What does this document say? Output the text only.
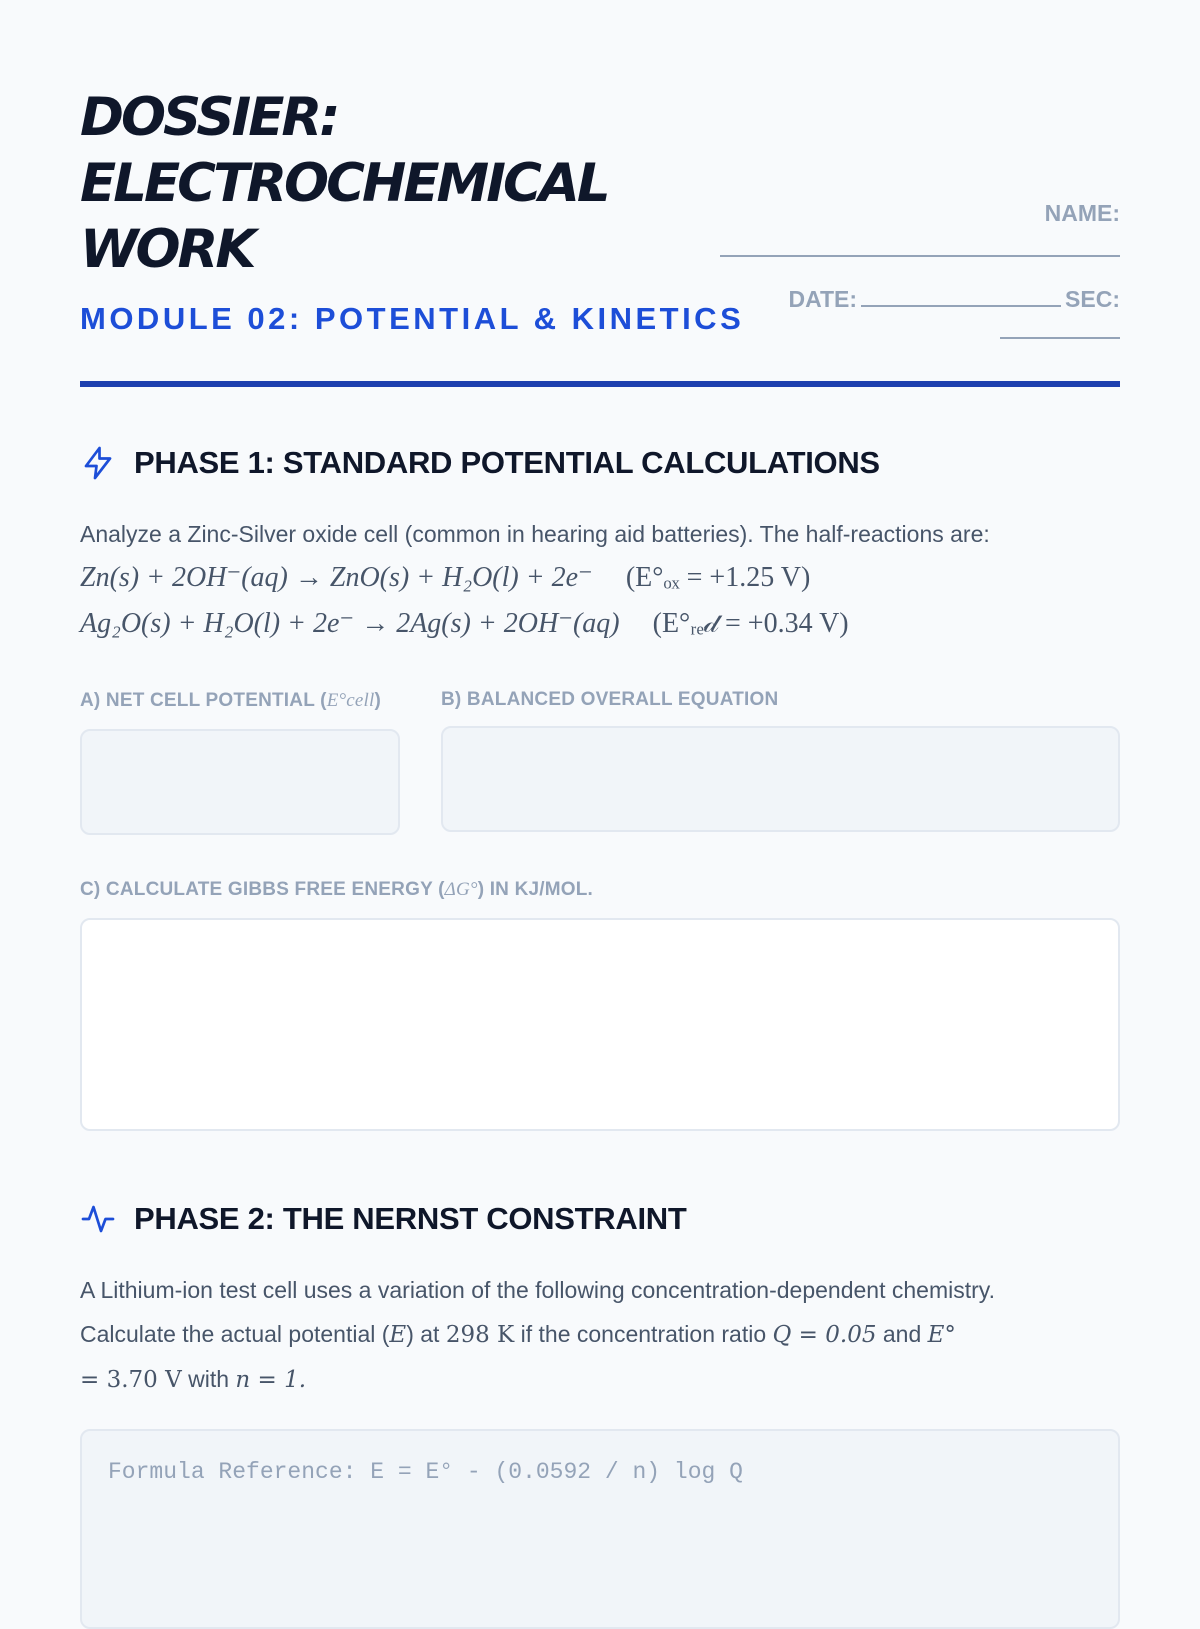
DOSSIER:
ELECTROCHEMICAL
WORK
MODULE 02: POTENTIAL & KINETICS
NAME:
DATE:	SEC:
PHASE 1: STANDARD POTENTIAL CALCULATIONS
Analyze a Zinc-Silver oxide cell (common in hearing aid batteries). The half-reactions are:
Zn(s) + 2OH⁻(aq) → ZnO(s) + H₂O(l) + 2e⁻ (E°ₒₓ = +1.25 V)
Ag₂O(s) + H₂O(l) + 2e⁻ → 2Ag(s) + 2OH⁻(aq) (E°ᵣₑ𝒹 = +0.34 V)
A) NET CELL POTENTIAL (E°cell)	B) BALANCED OVERALL EQUATION
C) CALCULATE GIBBS FREE ENERGY (ΔG°) IN KJ/MOL.
PHASE 2: THE NERNST CONSTRAINT
A Lithium-ion test cell uses a variation of the following concentration-dependent chemistry.
Calculate the actual potential (E) at 298 K if the concentration ratio Q = 0.05 and E°
= 3.70 V with n = 1.
Formula Reference: E = E° - (0.0592 / n) log Q
